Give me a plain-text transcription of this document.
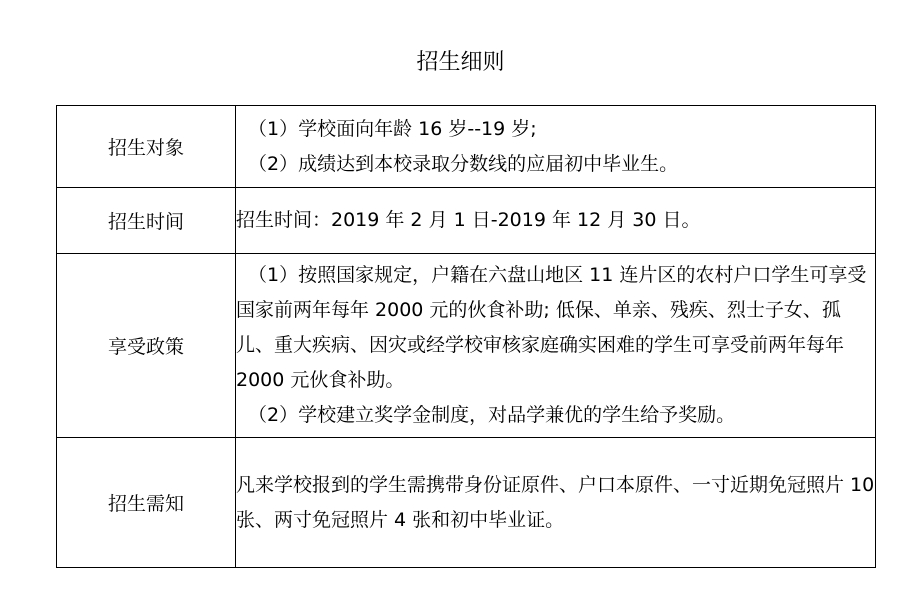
招生细则
招生对象	（1）学校面向年龄 16 岁--19 岁;
（2）成绩达到本校录取分数线的应届初中毕业生。

招生时间	招生时间：2019 年 2 月 1 日-2019 年 12 月 30 日。

享受政策	（1）按照国家规定，户籍在六盘山地区 11 连片区的农村户口学生可享受国家前两年每年 2000 元的伙食补助; 低保、单亲、残疾、烈士子女、孤儿、重大疾病、因灾或经学校审核家庭确实困难的学生可享受前两年每年 2000 元伙食补助。
（2）学校建立奖学金制度，对品学兼优的学生给予奖励。

招生需知	凡来学校报到的学生需携带身份证原件、户口本原件、一寸近期免冠照片 10 张、两寸免冠照片 4 张和初中毕业证。
